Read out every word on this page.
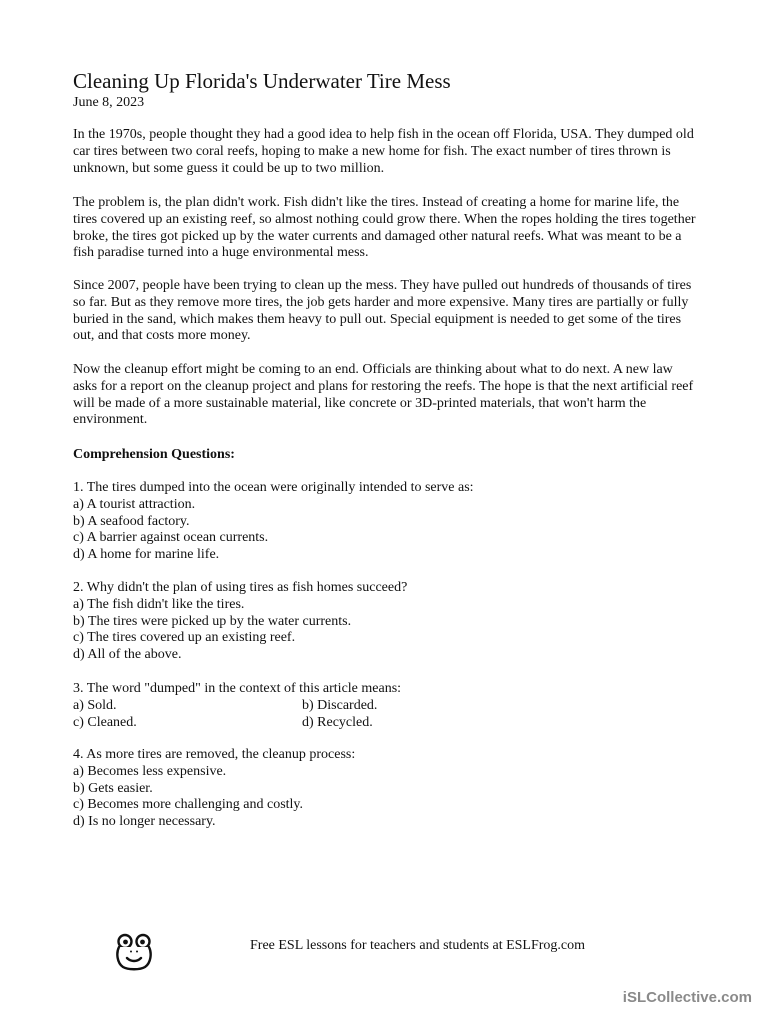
Cleaning Up Florida's Underwater Tire Mess
June 8, 2023
In the 1970s, people thought they had a good idea to help fish in the ocean off Florida, USA. They dumped old car tires between two coral reefs, hoping to make a new home for fish. The exact number of tires thrown is unknown, but some guess it could be up to two million.
The problem is, the plan didn't work. Fish didn't like the tires. Instead of creating a home for marine life, the tires covered up an existing reef, so almost nothing could grow there. When the ropes holding the tires together broke, the tires got picked up by the water currents and damaged other natural reefs. What was meant to be a fish paradise turned into a huge environmental mess.
Since 2007, people have been trying to clean up the mess. They have pulled out hundreds of thousands of tires so far. But as they remove more tires, the job gets harder and more expensive. Many tires are partially or fully buried in the sand, which makes them heavy to pull out. Special equipment is needed to get some of the tires out, and that costs more money.
Now the cleanup effort might be coming to an end. Officials are thinking about what to do next. A new law asks for a report on the cleanup project and plans for restoring the reefs. The hope is that the next artificial reef will be made of a more sustainable material, like concrete or 3D-printed materials, that won't harm the environment.
Comprehension Questions:
1. The tires dumped into the ocean were originally intended to serve as:
a) A tourist attraction.
b) A seafood factory.
c) A barrier against ocean currents.
d) A home for marine life.
2. Why didn't the plan of using tires as fish homes succeed?
a) The fish didn't like the tires.
b) The tires were picked up by the water currents.
c) The tires covered up an existing reef.
d) All of the above.
3. The word "dumped" in the context of this article means:
a) Sold.	b) Discarded.
c) Cleaned.	d) Recycled.
4. As more tires are removed, the cleanup process:
a) Becomes less expensive.
b) Gets easier.
c) Becomes more challenging and costly.
d) Is no longer necessary.
Free ESL lessons for teachers and students at ESLFrog.com
iSLCollective.com
